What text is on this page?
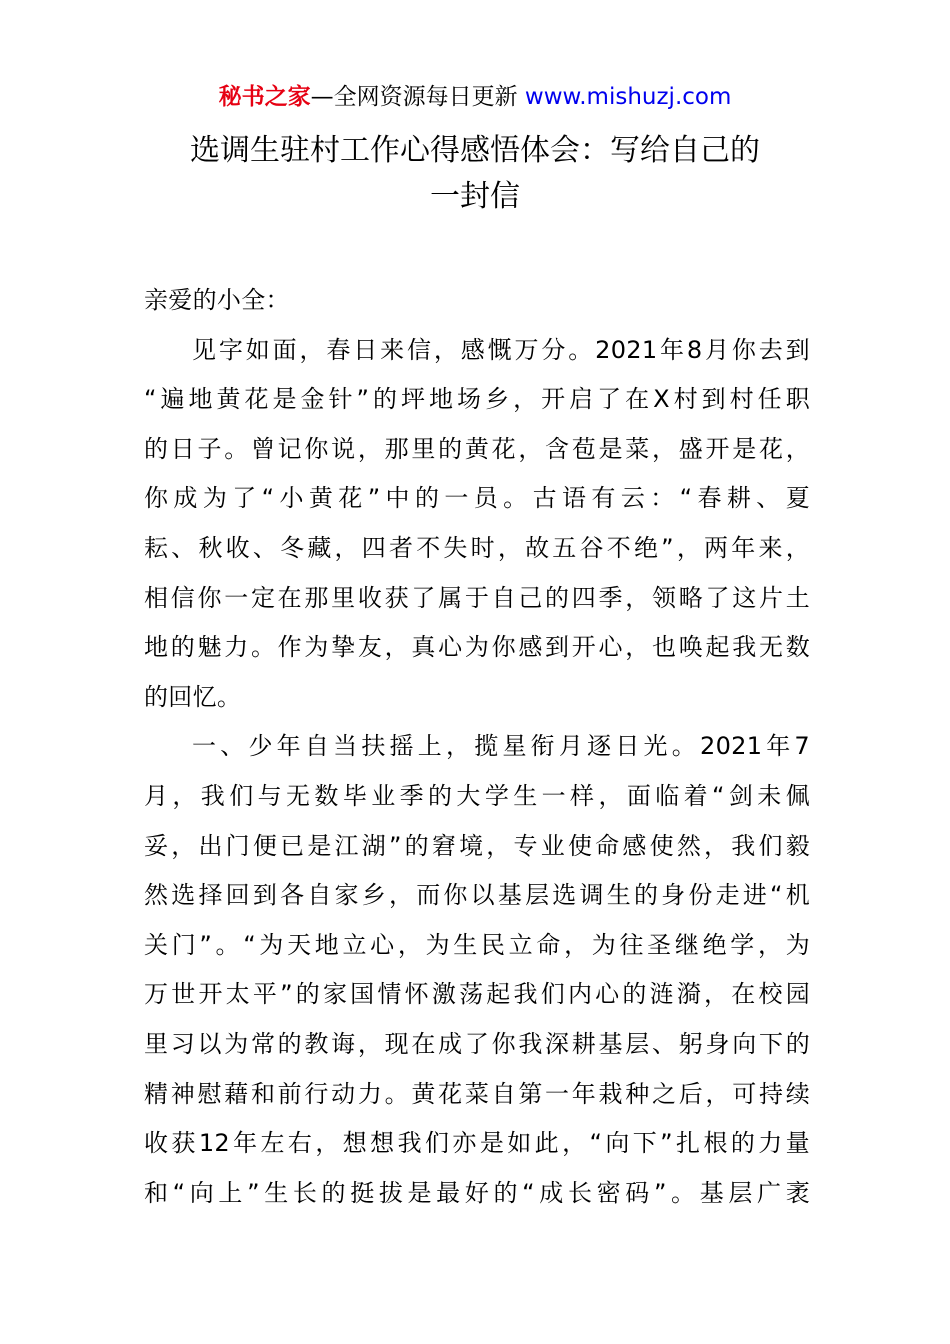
秘书之家—全网资源每日更新 www.mishuzj.com
选调生驻村工作心得感悟体会：写给自己的
一封信
亲爱的小全：
见字如面，春日来信，感慨万分。2021年8月你去到
“遍地黄花是金针”的坪地场乡，开启了在X村到村任职
的日子。曾记你说，那里的黄花，含苞是菜，盛开是花，
你成为了“小黄花”中的一员。古语有云：“春耕、夏
耘、秋收、冬藏，四者不失时，故五谷不绝”，两年来，
相信你一定在那里收获了属于自己的四季，领略了这片土
地的魅力。作为挚友，真心为你感到开心，也唤起我无数
的回忆。
一、少年自当扶摇上，揽星衔月逐日光。2021年7
月，我们与无数毕业季的大学生一样，面临着“剑未佩
妥，出门便已是江湖”的窘境，专业使命感使然，我们毅
然选择回到各自家乡，而你以基层选调生的身份走进“机
关门”。“为天地立心，为生民立命，为往圣继绝学，为
万世开太平”的家国情怀激荡起我们内心的涟漪，在校园
里习以为常的教诲，现在成了你我深耕基层、躬身向下的
精神慰藉和前行动力。黄花菜自第一年栽种之后，可持续
收获12年左右，想想我们亦是如此，“向下”扎根的力量
和“向上”生长的挺拔是最好的“成长密码”。基层广袤
